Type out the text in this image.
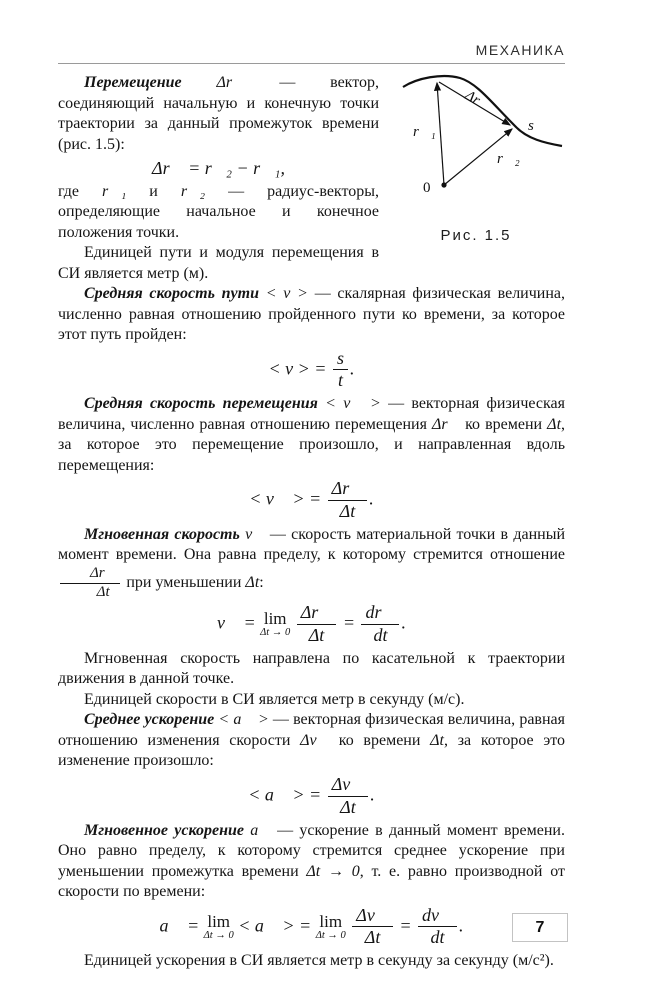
МЕХАНИКА
Δr⃗
r⃗₁
r⃗₂
s
0
Рис. 1.5

Перемещение Δr⃗ — вектор, соединяющий начальную и конечную точки траектории за данный промежуток времени (рис. 1.5):

Δr⃗ = r⃗₂ − r⃗₁,

где r⃗₁ и r⃗₂ — радиус-векторы, определяющие начальное и конечное положения точки.

Единицей пути и модуля перемещения в СИ является метр (м).

Средняя скорость пути < v > — скалярная физическая величина, численно равная отношению пройденного пути ко времени, за которое этот путь пройден:

< v > = $\frac{s}{t}$ .

Средняя скорость перемещения < v⃗ > — векторная физическая величина, численно равная отношению перемещения Δr⃗ ко времени Δt, за которое это перемещение произошло, и направленная вдоль перемещения:

< v⃗ > = $\frac{\Delta r⃗}{\Delta t}$ .

Мгновенная скорость v⃗ — скорость материальной точки в данный момент времени. Она равна пределу, к которому стремится отношение
$\frac{\Delta r⃗}{\Delta t}$ при уменьшении Δt:

v⃗ = lim
Δt → 0
$\frac{\Delta r⃗}{\Delta t} = \frac{dr⃗}{dt}$ .

Мгновенная скорость направлена по касательной к траектории движения в данной точке.

Единицей скорости в СИ является метр в секунду (м/с).

Среднее ускорение < a⃗ > — векторная физическая величина, равная отношению изменения скорости Δv⃗ ко времени Δt, за которое это изменение произошло:

< a⃗ > = $\frac{\Delta v⃗}{\Delta t}$ .

Мгновенное ускорение a⃗ — ускорение в данный момент времени. Оно равно пределу, к которому стремится среднее ускорение при уменьшении промежутка времени Δt → 0, т. е. равно производной от скорости по времени:

a⃗ = lim
Δt → 0
< a⃗ > = lim
Δt → 0
$\frac{\Delta v⃗}{\Delta t} = \frac{dv⃗}{dt}$ .

Единицей ускорения в СИ является метр в секунду за секунду (м/с²).

7
